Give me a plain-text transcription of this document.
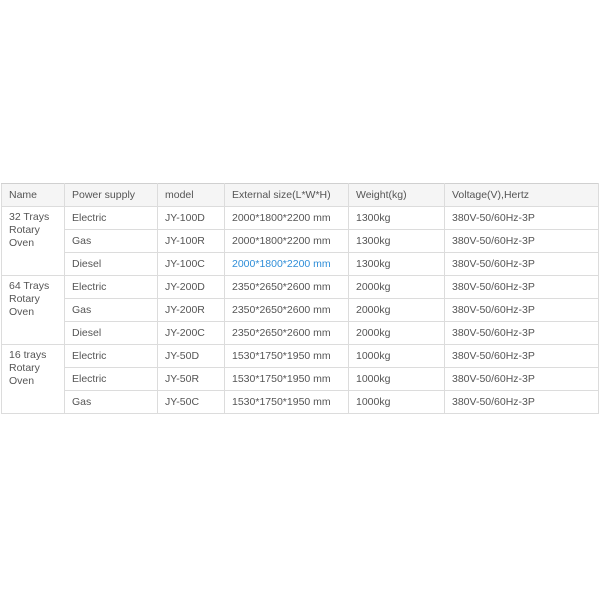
Name	Power supply	model	External size(L*W*H)	Weight(kg)	Voltage(V),Hertz
32 Trays Rotary Oven	Electric	JY-100D	2000*1800*2200 mm	1300kg	380V-50/60Hz-3P
	Gas	JY-100R	2000*1800*2200 mm	1300kg	380V-50/60Hz-3P
	Diesel	JY-100C	2000*1800*2200 mm	1300kg	380V-50/60Hz-3P
64 Trays Rotary Oven	Electric	JY-200D	2350*2650*2600 mm	2000kg	380V-50/60Hz-3P
	Gas	JY-200R	2350*2650*2600 mm	2000kg	380V-50/60Hz-3P
	Diesel	JY-200C	2350*2650*2600 mm	2000kg	380V-50/60Hz-3P
16 trays Rotary Oven	Electric	JY-50D	1530*1750*1950 mm	1000kg	380V-50/60Hz-3P
	Electric	JY-50R	1530*1750*1950 mm	1000kg	380V-50/60Hz-3P
	Gas	JY-50C	1530*1750*1950 mm	1000kg	380V-50/60Hz-3P
